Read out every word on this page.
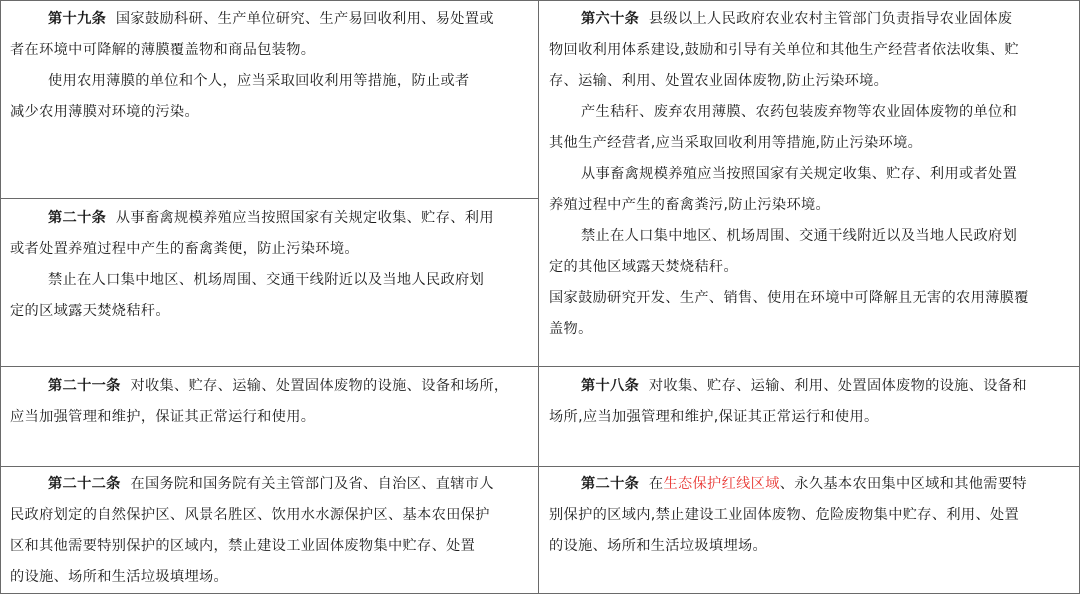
第十九条 国家鼓励科研、生产单位研究、生产易回收利用、易处置或

者在环境中可降解的薄膜覆盖物和商品包装物。

使用农用薄膜的单位和个人，应当采取回收利用等措施，防止或者

减少农用薄膜对环境的污染。

第二十条 从事畜禽规模养殖应当按照国家有关规定收集、贮存、利用

或者处置养殖过程中产生的畜禽粪便，防止污染环境。

禁止在人口集中地区、机场周围、交通干线附近以及当地人民政府划

定的区域露天焚烧秸秆。

第二十一条 对收集、贮存、运输、处置固体废物的设施、设备和场所，

应当加强管理和维护，保证其正常运行和使用。

第二十二条 在国务院和国务院有关主管部门及省、自治区、直辖市人

民政府划定的自然保护区、风景名胜区、饮用水水源保护区、基本农田保护

区和其他需要特别保护的区域内，禁止建设工业固体废物集中贮存、处置

的设施、场所和生活垃圾填埋场。

第六十条 县级以上人民政府农业农村主管部门负责指导农业固体废

物回收利用体系建设,鼓励和引导有关单位和其他生产经营者依法收集、贮

存、运输、利用、处置农业固体废物,防止污染环境。

产生秸秆、废弃农用薄膜、农药包装废弃物等农业固体废物的单位和

其他生产经营者,应当采取回收利用等措施,防止污染环境。

从事畜禽规模养殖应当按照国家有关规定收集、贮存、利用或者处置

养殖过程中产生的畜禽粪污,防止污染环境。

禁止在人口集中地区、机场周围、交通干线附近以及当地人民政府划

定的其他区域露天焚烧秸秆。

国家鼓励研究开发、生产、销售、使用在环境中可降解且无害的农用薄膜覆

盖物。

第十八条 对收集、贮存、运输、利用、处置固体废物的设施、设备和

场所,应当加强管理和维护,保证其正常运行和使用。

第二十条 在生态保护红线区域、永久基本农田集中区域和其他需要特

别保护的区域内,禁止建设工业固体废物、危险废物集中贮存、利用、处置

的设施、场所和生活垃圾填埋场。
